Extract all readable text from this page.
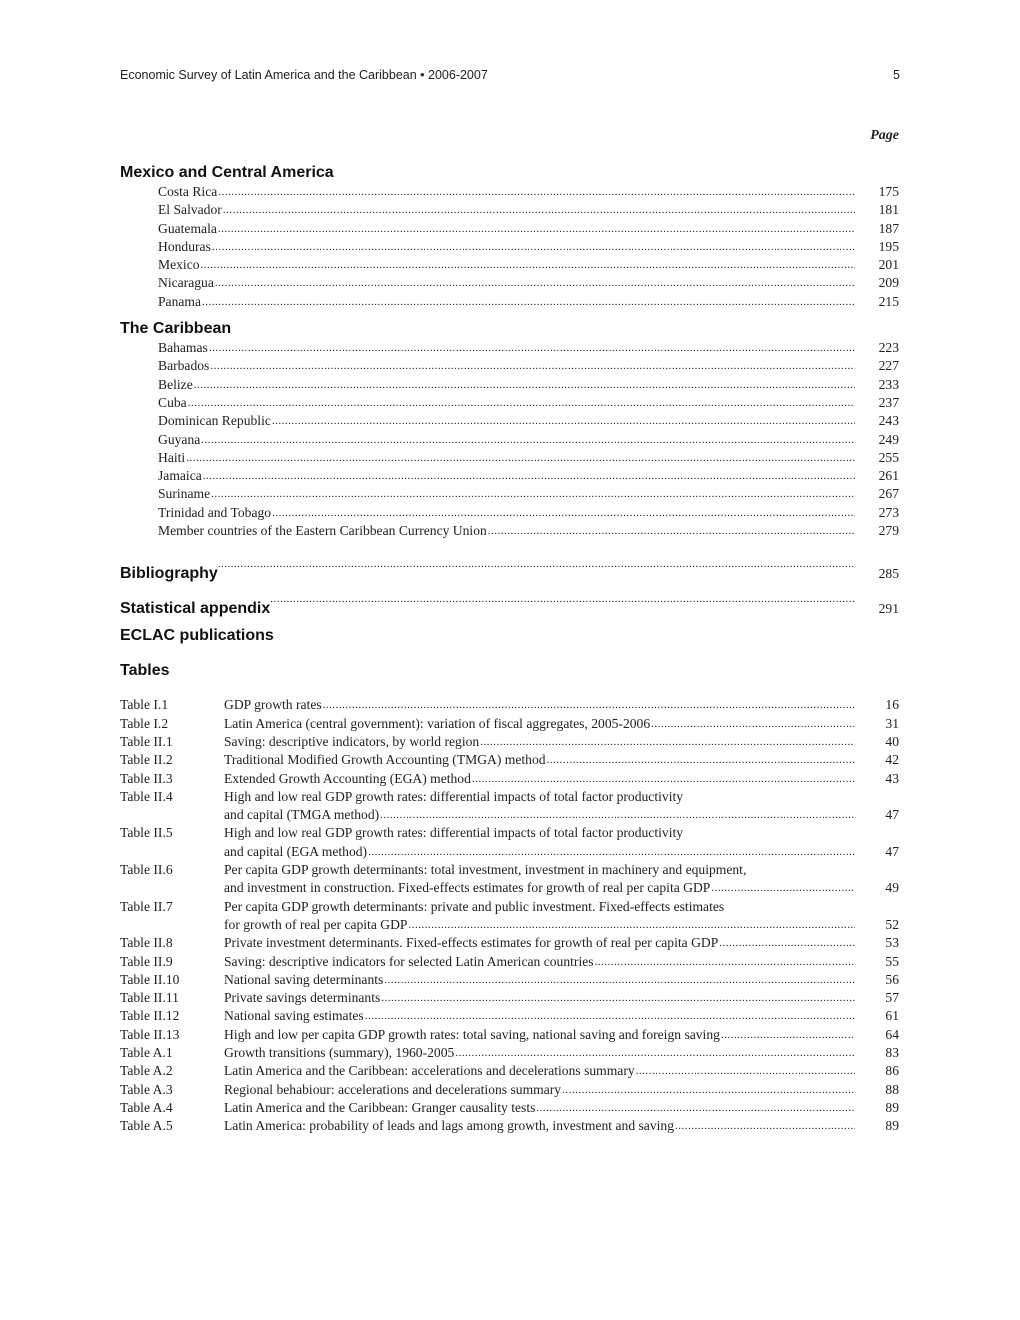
Economic Survey of Latin America and the Caribbean • 2006-2007	5
Page
Mexico and Central America
Costa Rica .....	175
El Salvador .....	181
Guatemala .....	187
Honduras .....	195
Mexico .....	201
Nicaragua .....	209
Panama .....	215
The Caribbean
Bahamas .....	223
Barbados .....	227
Belize .....	233
Cuba .....	237
Dominican Republic .....	243
Guyana .....	249
Haiti .....	255
Jamaica .....	261
Suriname .....	267
Trinidad and Tobago .....	273
Member countries of the Eastern Caribbean Currency Union .....	279
Bibliography .....	285
Statistical appendix .....	291
ECLAC publications
Tables
Table I.1	GDP growth rates .....	16
Table I.2	Latin America (central government): variation of fiscal aggregates, 2005-2006 .....	31
Table II.1	Saving: descriptive indicators, by world region .....	40
Table II.2	Traditional Modified Growth Accounting (TMGA) method .....	42
Table II.3	Extended Growth Accounting (EGA) method .....	43
Table II.4	High and low real GDP growth rates: differential impacts of total factor productivity
and capital (TMGA method) .....	47
Table II.5	High and low real GDP growth rates: differential impacts of total factor productivity
and capital (EGA method) .....	47
Table II.6	Per capita GDP growth determinants: total investment, investment in machinery and equipment,
and investment in construction. Fixed-effects estimates for growth of real per capita GDP .....	49
Table II.7	Per capita GDP growth determinants: private and public investment. Fixed-effects estimates
for growth of real per capita GDP .....	52
Table II.8	Private investment determinants. Fixed-effects estimates for growth of real per capita GDP .....	53
Table II.9	Saving: descriptive indicators for selected Latin American countries .....	55
Table II.10	National saving determinants .....	56
Table II.11	Private savings determinants .....	57
Table II.12	National saving estimates .....	61
Table II.13	High and low per capita GDP growth rates: total saving, national saving and foreign saving .....	64
Table A.1	Growth transitions (summary), 1960-2005 .....	83
Table A.2	Latin America and the Caribbean: accelerations and decelerations summary .....	86
Table A.3	Regional behabiour: accelerations and decelerations summary .....	88
Table A.4	Latin America and the Caribbean: Granger causality tests .....	89
Table A.5	Latin America: probability of leads and lags among growth, investment and saving .....	89
